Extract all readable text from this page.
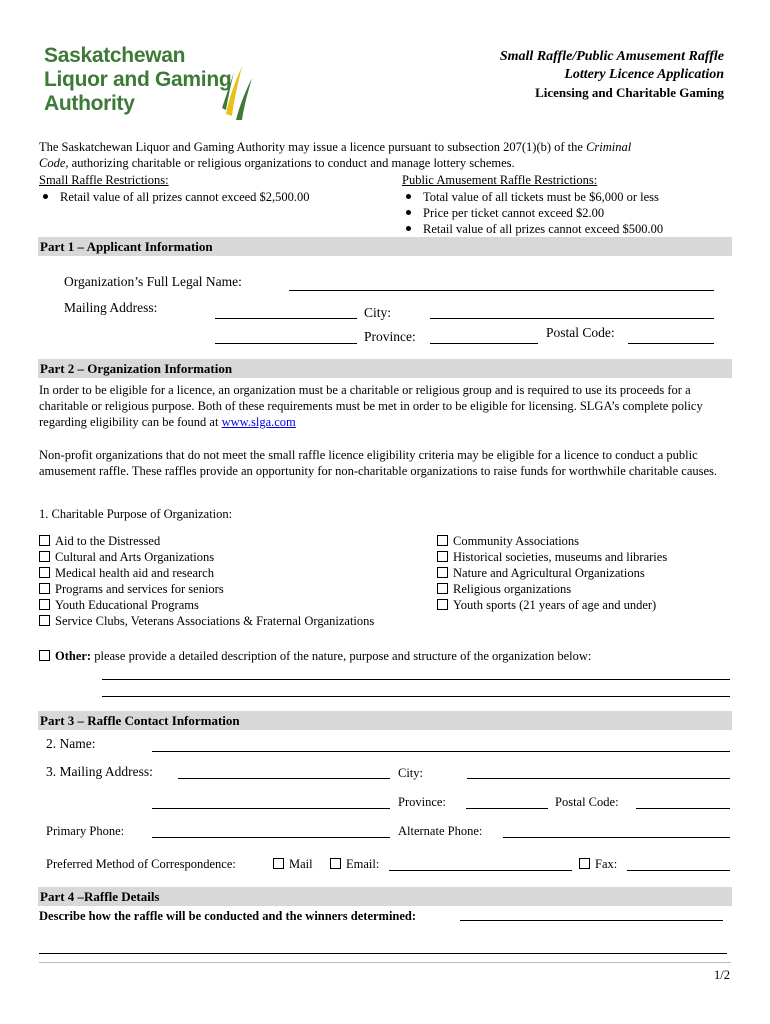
Saskatchewan
Liquor and Gaming
Authority
Small Raffle/Public Amusement Raffle
Lottery Licence Application
Licensing and Charitable Gaming
The Saskatchewan Liquor and Gaming Authority may issue a licence pursuant to subsection 207(1)(b) of the Criminal
Code, authorizing charitable or religious organizations to conduct and manage lottery schemes.
Small Raffle Restrictions:
Retail value of all prizes cannot exceed $2,500.00
Public Amusement Raffle Restrictions:
Total value of all tickets must be $6,000 or less
Price per ticket cannot exceed $2.00
Retail value of all prizes cannot exceed $500.00
Part 1 – Applicant Information
Organization’s Full Legal Name:
Mailing Address:	City:
Province:	Postal Code:
Part 2 – Organization Information
In order to be eligible for a licence, an organization must be a charitable or religious group and is required to use its proceeds for a charitable or religious purpose. Both of these requirements must be met in order to be eligible for licensing. SLGA’s complete policy regarding eligibility can be found at www.slga.com
Non-profit organizations that do not meet the small raffle licence eligibility criteria may be eligible for a licence to conduct a public amusement raffle. These raffles provide an opportunity for non-charitable organizations to raise funds for worthwhile charitable causes.
1. Charitable Purpose of Organization:
Aid to the Distressed
Cultural and Arts Organizations
Medical health aid and research
Programs and services for seniors
Youth Educational Programs
Service Clubs, Veterans Associations & Fraternal Organizations
Community Associations
Historical societies, museums and libraries
Nature and Agricultural Organizations
Religious organizations
Youth sports (21 years of age and under)
Other: please provide a detailed description of the nature, purpose and structure of the organization below:
Part 3 – Raffle Contact Information
2. Name:
3. Mailing Address:	City:
Province:	Postal Code:
Primary Phone:	Alternate Phone:
Preferred Method of Correspondence:	Mail	Email:	Fax:
Part 4 –Raffle Details
Describe how the raffle will be conducted and the winners determined:
1/2
